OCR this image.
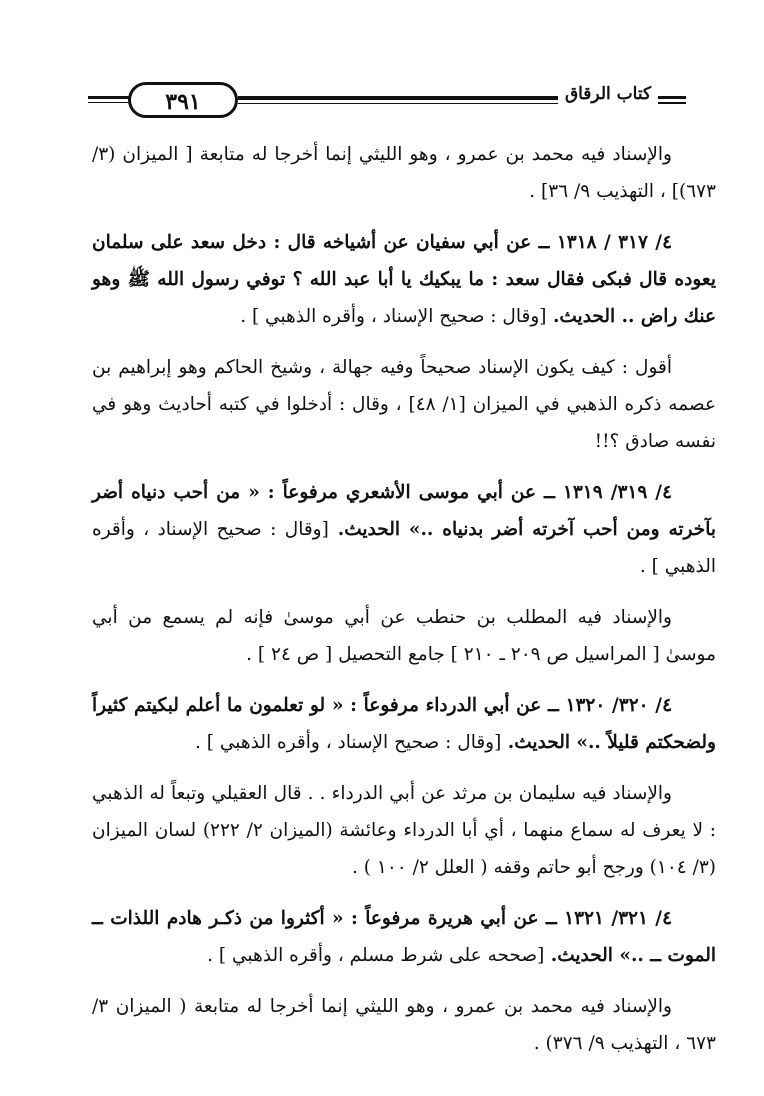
٣٩١	كتاب الرقاق

والإسناد فيه محمد بن عمرو ، وهو الليثي إنما أخرجا له متابعة [ الميزان (٣/ ٦٧٣)] ، التهذيب ٩/ ٣٦] .

٤/ ٣١٧ / ١٣١٨ ــ عن أبي سفيان عن أشياخه قال : دخل سعد على سلمان يعوده قال فبكى فقال سعد : ما يبكيك يا أبا عبد الله ؟ توفي رسول الله ﷺ وهو عنك راض .. الحديث. [وقال : صحيح الإسناد ، وأقره الذهبي ] .

أقول : كيف يكون الإسناد صحيحاً وفيه جهالة ، وشيخ الحاكم وهو إبراهيم بن عصمه ذكره الذهبي في الميزان [١/ ٤٨] ، وقال : أدخلوا في كتبه أحاديث وهو في نفسه صادق ؟!!

٤/ ٣١٩/ ١٣١٩ ــ عن أبي موسى الأشعري مرفوعاً : « من أحب دنياه أضر بآخرته ومن أحب آخرته أضر بدنياه ..» الحديث. [وقال : صحيح الإسناد ، وأقره الذهبي ] .

والإسناد فيه المطلب بن حنطب عن أبي موسىٰ فإنه لم يسمع من أبي موسىٰ [ المراسيل ص ٢٠٩ ـ ٢١٠ ] جامع التحصيل [ ص ٢٤ ] .

٤/ ٣٢٠/ ١٣٢٠ ــ عن أبي الدرداء مرفوعاً : « لو تعلمون ما أعلم لبكيتم كثيراً ولضحكتم قليلاً ..» الحديث. [وقال : صحيح الإسناد ، وأقره الذهبي ] .

والإسناد فيه سليمان بن مرثد عن أبي الدرداء . . قال العقيلي وتبعاً له الذهبي : لا يعرف له سماع منهما ، أي أبا الدرداء وعائشة (الميزان ٢/ ٢٢٢) لسان الميزان (٣/ ١٠٤) ورجح أبو حاتم وقفه ( العلل ٢/ ١٠٠ ) .

٤/ ٣٢١/ ١٣٢١ ــ عن أبي هريرة مرفوعاً : « أكثروا من ذكـر هادم اللذات ــ الموت ــ ..» الحديث. [صححه على شرط مسلم ، وأقره الذهبي ] .

والإسناد فيه محمد بن عمرو ، وهو الليثي إنما أخرجا له متابعة ( الميزان ٣/ ٦٧٣ ، التهذيب ٩/ ٣٧٦) .
